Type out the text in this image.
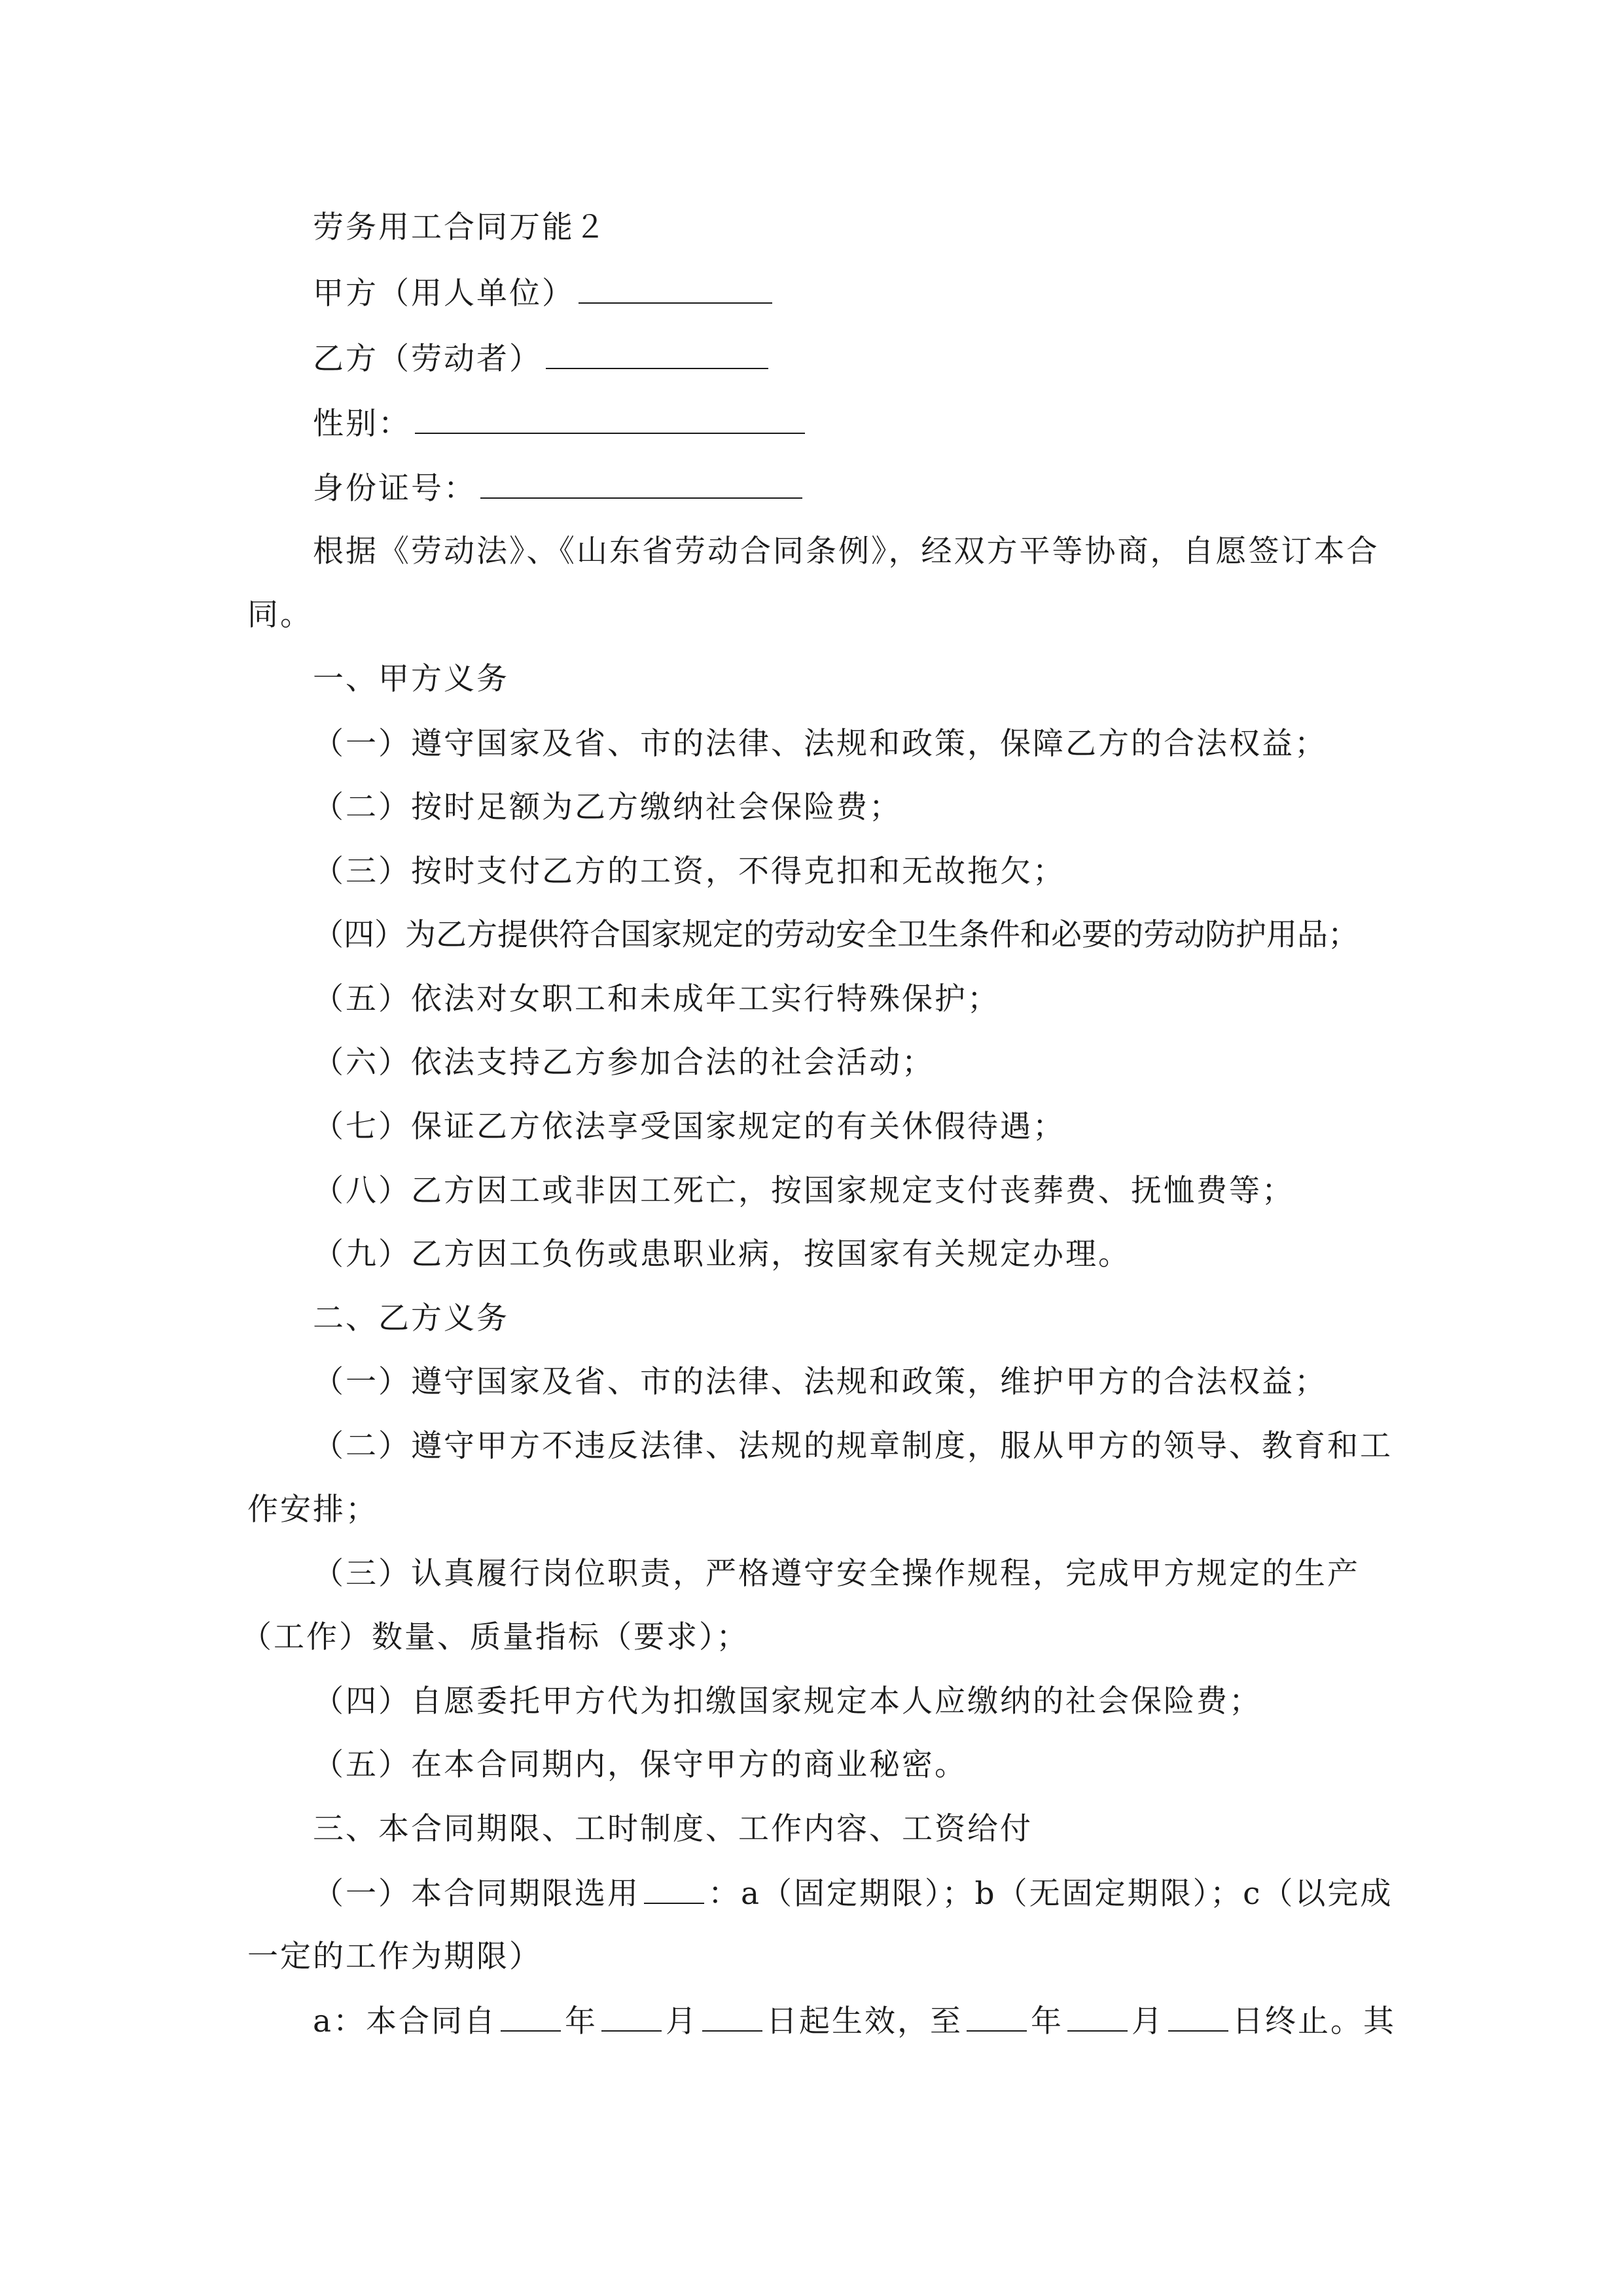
劳务用工合同万能２
甲方（用人单位）
乙方（劳动者）
性别：
身份证号：
根据《劳动法》、《山东省劳动合同条例》，经双方平等协商，自愿签订本合
同。
一、甲方义务
（一）遵守国家及省、市的法律、法规和政策，保障乙方的合法权益；
（二）按时足额为乙方缴纳社会保险费；
（三）按时支付乙方的工资，不得克扣和无故拖欠；
（四）为乙方提供符合国家规定的劳动安全卫生条件和必要的劳动防护用品；
（五）依法对女职工和未成年工实行特殊保护；
（六）依法支持乙方参加合法的社会活动；
（七）保证乙方依法享受国家规定的有关休假待遇；
（八）乙方因工或非因工死亡，按国家规定支付丧葬费、抚恤费等；
（九）乙方因工负伤或患职业病，按国家有关规定办理。
二、乙方义务
（一）遵守国家及省、市的法律、法规和政策，维护甲方的合法权益；
（二）遵守甲方不违反法律、法规的规章制度，服从甲方的领导、教育和工
作安排；
（三）认真履行岗位职责，严格遵守安全操作规程，完成甲方规定的生产
（工作）数量、质量指标（要求）；
（四）自愿委托甲方代为扣缴国家规定本人应缴纳的社会保险费；
（五）在本合同期内，保守甲方的商业秘密。
三、本合同期限、工时制度、工作内容、工资给付
（一）本合同期限选用 ：a（固定期限）；b（无固定期限）；c（以完成
一定的工作为期限）
a：本合同自 年 月 日起生效，至 年 月 日终止。其
